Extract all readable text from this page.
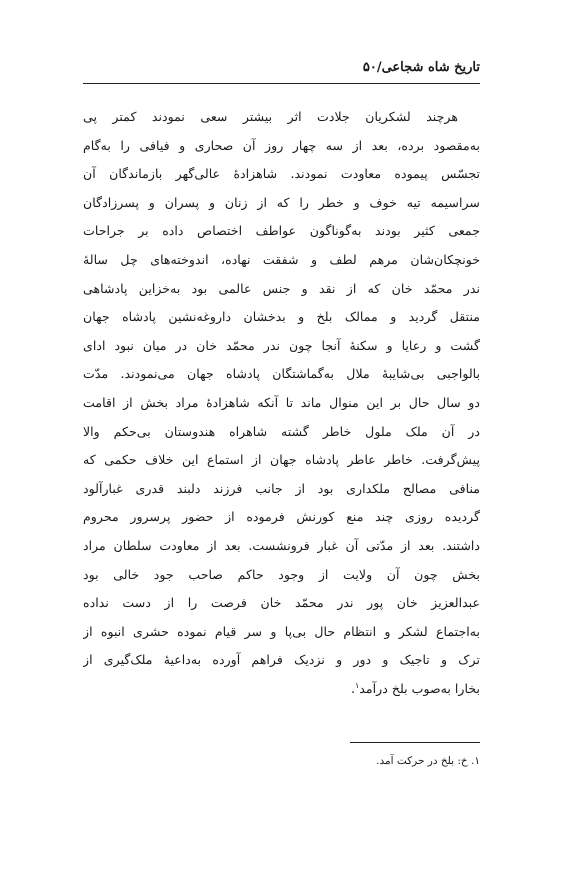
تاریخ شاه شجاعی/۵۰
هرچند لشکریان جلادت اثر بیشتر سعی نمودند کمتر پی
به‌مقصود برده، بعد از سه چهار روز آن صحاری و فیافی را به‌گام
تجسّس پیموده معاودت نمودند. شاهزادهٔ عالی‌گهر بازماندگان آن
سراسیمه تیه خوف و خطر را که از زنان و پسران و پسرزادگان
جمعی کثیر بودند به‌گوناگون عواطف اختصاص داده بر جراحات
خونچکان‌شان مرهم لطف و شفقت نهاده، اندوخته‌های چل سالهٔ
ندر محمّد خان که از نقد و جنس عالمی بود به‌خزاین پادشاهی
منتقل گردید و ممالک بلخ و بدخشان داروغه‌نشین پادشاه جهان
گشت و رعایا و سکنهٔ آنجا چون ندر محمّد خان در میان نبود ادای
بالواجبی بی‌شایبهٔ ملال به‌گماشتگان پادشاه جهان می‌نمودند. مدّت
دو سال حال بر این منوال ماند تا آنکه شاهزادهٔ مراد بخش از اقامت
در آن ملک ملول خاطر گشته شاهراه هندوستان بی‌حکم والا
پیش‌گرفت. خاطر عاطر پادشاه جهان از استماع این خلاف حکمی که
منافی مصالح ملکداری بود از جانب فرزند دلبند قدری غبارآلود
گردیده روزی چند منع کورنش فرموده از حضور پرسرور محروم
داشتند. بعد از مدّتی آن غبار فرونشست. بعد از معاودت سلطان مراد
بخش چون آن ولایت از وجود حاکم صاحب جود خالی بود
عبدالعزیز خان پور ندر محمّد خان فرصت را از دست نداده
به‌اجتماع لشکر و انتظام حال بی‌پا و سر قیام نموده حشری انبوه از
ترک و تاجیک و دور و نزدیک فراهم آورده به‌داعیهٔ ملک‌گیری از
بخارا به‌صوب بلخ درآمد$^۱$.
۱. خ: بلخ در حرکت آمد.
